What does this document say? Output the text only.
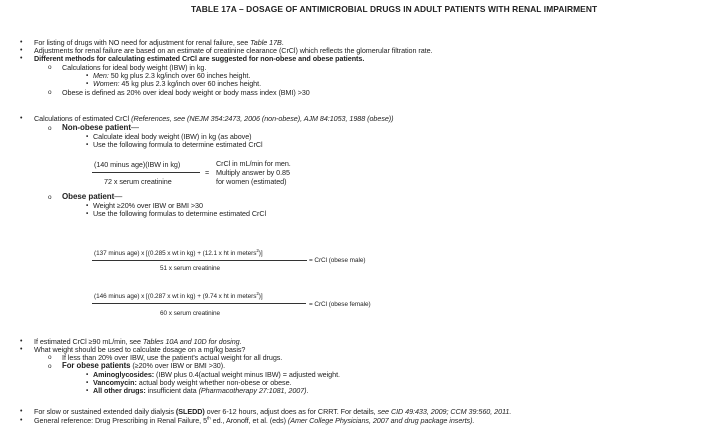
TABLE 17A – DOSAGE OF ANTIMICROBIAL DRUGS IN ADULT PATIENTS WITH RENAL IMPAIRMENT
• For listing of drugs with NO need for adjustment for renal failure, see Table 17B.
• Adjustments for renal failure are based on an estimate of creatinine clearance (CrCl) which reflects the glomerular filtration rate.
• Different methods for calculating estimated CrCl are suggested for non-obese and obese patients.
o Calculations for ideal body weight (IBW) in kg.
▪ Men: 50 kg plus 2.3 kg/inch over 60 inches height.
▪ Women: 45 kg plus 2.3 kg/inch over 60 inches height.
o Obese is defined as 20% over ideal body weight or body mass index (BMI) >30
• Calculations of estimated CrCl (References, see (NEJM 354:2473, 2006 (non-obese), AJM 84:1053, 1988 (obese))
o Non-obese patient—
▪ Calculate ideal body weight (IBW) in kg (as above)
▪ Use the following formula to determine estimated CrCl
(140 minus age)(IBW in kg)
72 x serum creatinine
=
CrCl in mL/min for men.
Multiply answer by 0.85
for women (estimated)
o Obese patient—
▪ Weight ≥20% over IBW or BMI >30
▪ Use the following formulas to determine estimated CrCl
(137 minus age) x [(0.285 x wt in kg) + (12.1 x ht in meters$^2$)]
51 x serum creatinine
= CrCl (obese male)
(146 minus age) x [(0.287 x wt in kg) + (9.74 x ht in meters$^2$)]
60 x serum creatinine
= CrCl (obese female)
• If estimated CrCl ≥90 mL/min, see Tables 10A and 10D for dosing.
• What weight should be used to calculate dosage on a mg/kg basis?
o If less than 20% over IBW, use the patient's actual weight for all drugs.
o For obese patients (≥20% over IBW or BMI >30).
▪ Aminoglycosides: (IBW plus 0.4(actual weight minus IBW) = adjusted weight.
▪ Vancomycin: actual body weight whether non-obese or obese.
▪ All other drugs: insufficient data (Pharmacotherapy 27:1081, 2007).
• For slow or sustained extended daily dialysis (SLEDD) over 6-12 hours, adjust does as for CRRT. For details, see CID 49:433, 2009; CCM 39:560, 2011.
• General reference: Drug Prescribing in Renal Failure, 5th ed., Aronoff, et al. (eds) (Amer College Physicians, 2007 and drug package inserts).
